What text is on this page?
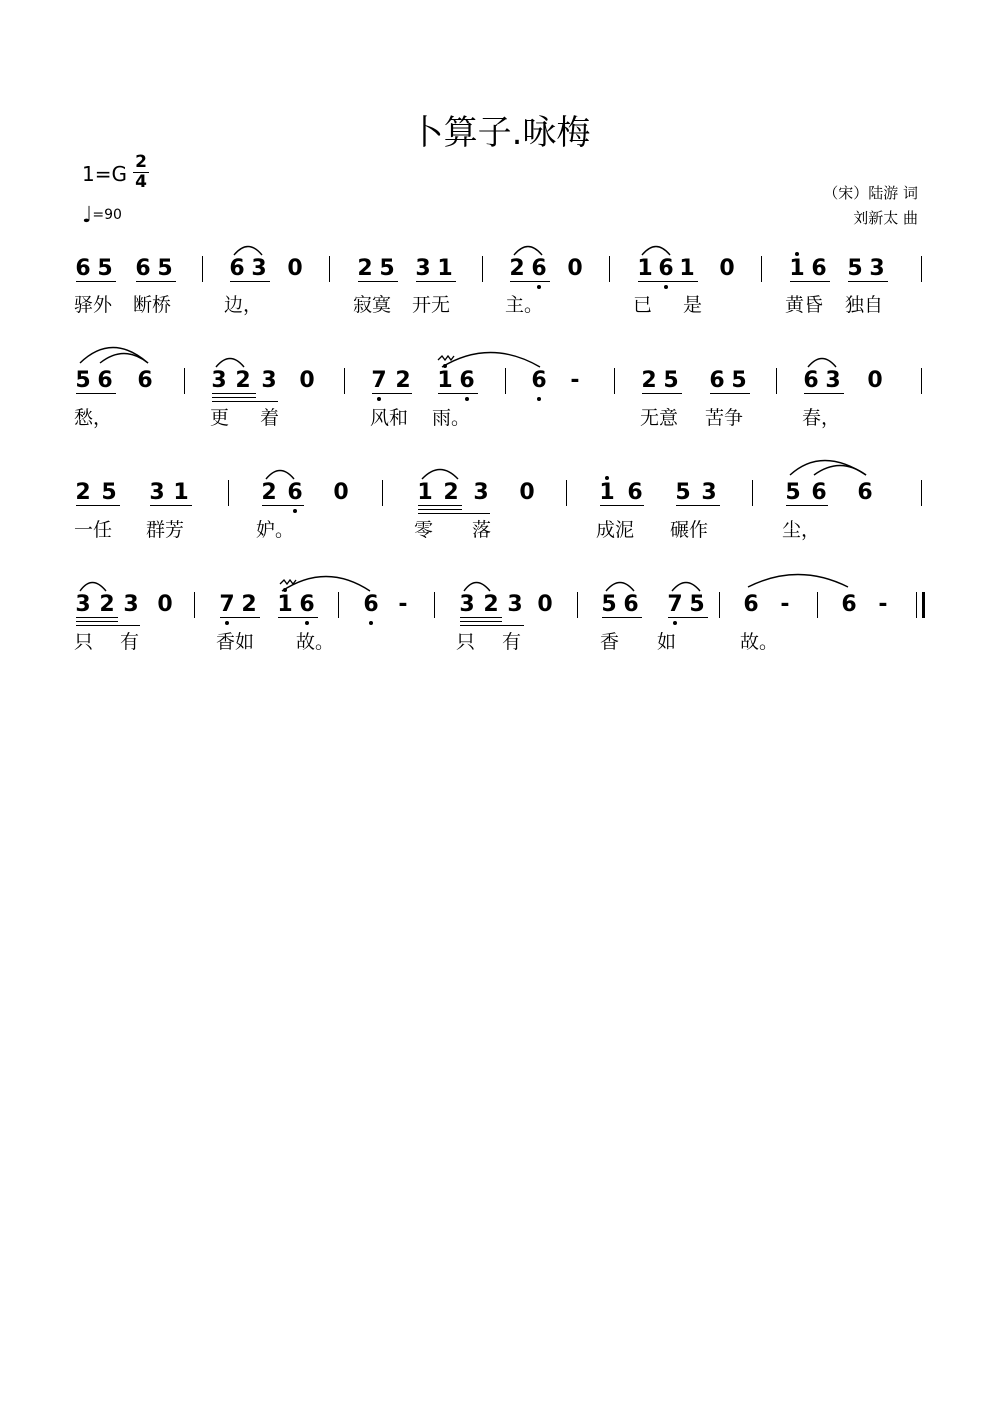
卜算子.咏梅
1=G 2
4
♩=90
（宋）陆游 词
刘新太 曲
6 5 6 5	6 3 0 2 5 3 1	2 6 0 1 6 1 0 1 6 5 3
驿外 断桥	边，	寂寞 开无	主。	已 是	黄昏 独自
5 6 6	3 2 3 0	7 2 1 6	6 -	2 5 6 5	6 3 0
愁，	更 着	风和 雨。	无意 苦争	春，
2 5 3 1	2 6 0	1 2 3 0	1 6 5 3	5 6 6
一任 群芳	妒。	零 落	成泥 碾作	尘，
3 2 3 0 7 2 1 6 6 - 3 2 3 0 5 6 7 5 6 - 6 -
只 有	香如 故。	只 有	香 如	故。
